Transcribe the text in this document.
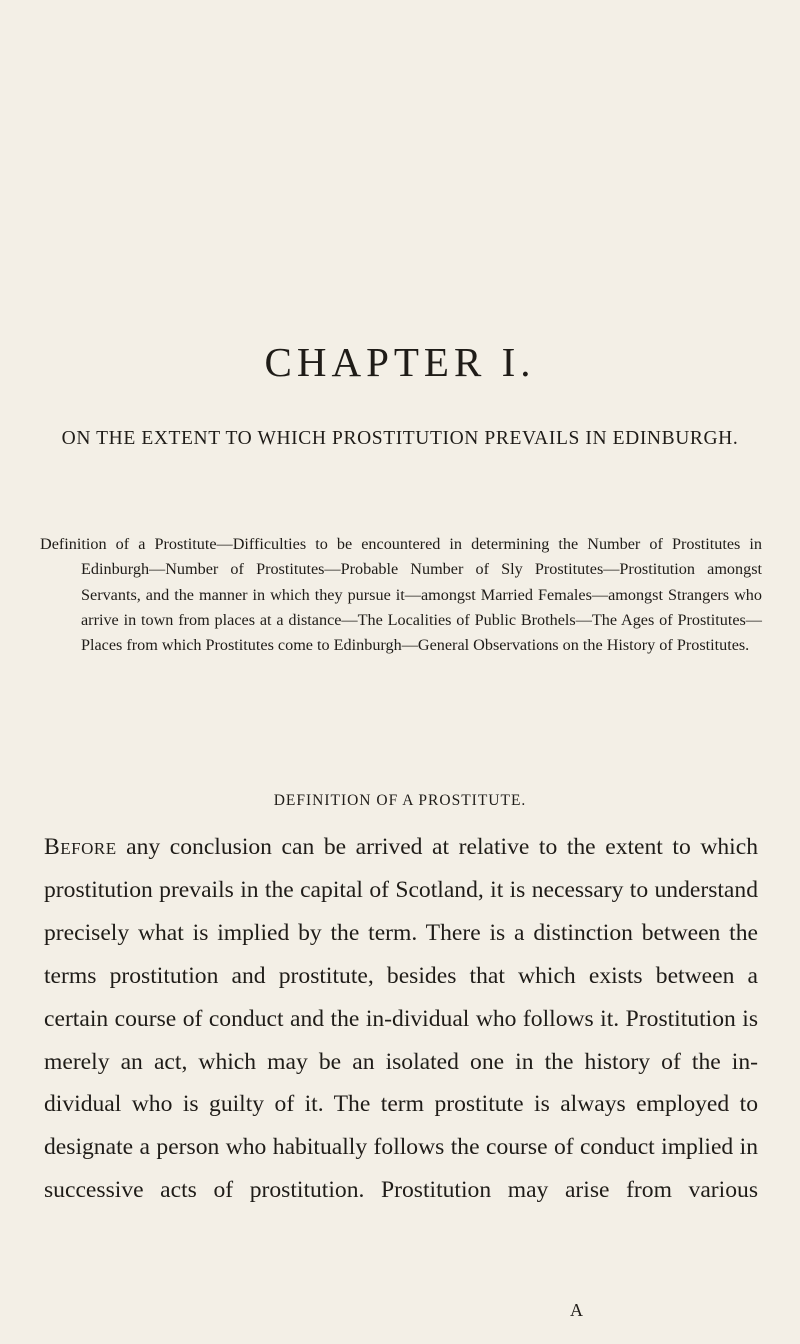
CHAPTER I.
ON THE EXTENT TO WHICH PROSTITUTION PREVAILS IN EDINBURGH.

Definition of a Prostitute—Difficulties to be encountered in determining the Number of Prostitutes in Edinburgh—Number of Prostitutes—Probable Number of Sly Prostitutes—Prostitution amongst Servants, and the manner in which they pursue it—amongst Married Females—amongst Strangers who arrive in town from places at a distance—The Localities of Public Brothels—The Ages of Prostitutes—Places from which Prostitutes come to Edinburgh—General Observations on the History of Prostitutes.

DEFINITION OF A PROSTITUTE.

Before any conclusion can be arrived at relative to the extent to which prostitution prevails in the capital of Scotland, it is necessary to understand precisely what is implied by the term. There is a distinction between the terms prostitution and prostitute, besides that which exists between a certain course of conduct and the in-dividual who follows it. Prostitution is merely an act, which may be an isolated one in the history of the in-dividual who is guilty of it. The term prostitute is always employed to designate a person who habitually follows the course of conduct implied in successive acts of prostitution. Prostitution may arise from various

A
